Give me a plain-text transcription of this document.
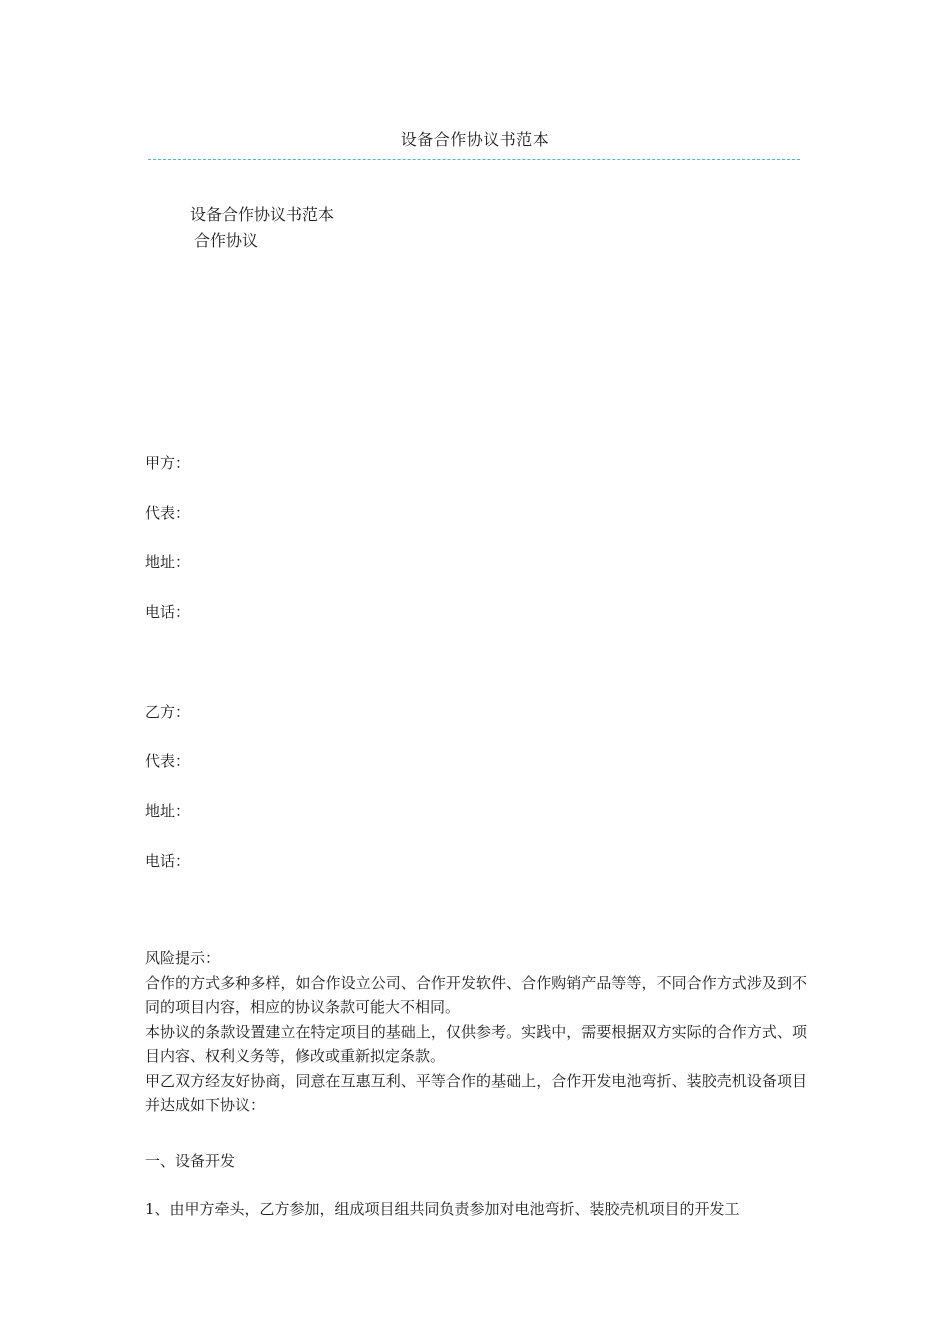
设备合作协议书范本
设备合作协议书范本
合作协议
甲方：
代表：
地址：
电话：
乙方：
代表：
地址：
电话：

风险提示：

合作的方式多种多样，如合作设立公司、合作开发软件、合作购销产品等等，不同合作方式涉及到不同的项目内容，相应的协议条款可能大不相同。

本协议的条款设置建立在特定项目的基础上，仅供参考。实践中，需要根据双方实际的合作方式、项目内容、权利义务等，修改或重新拟定条款。

甲乙双方经友好协商，同意在互惠互利、平等合作的基础上，合作开发电池弯折、装胶壳机设备项目并达成如下协议：

一、设备开发
1、由甲方牵头，乙方参加，组成项目组共同负责参加对电池弯折、装胶壳机项目的开发工
